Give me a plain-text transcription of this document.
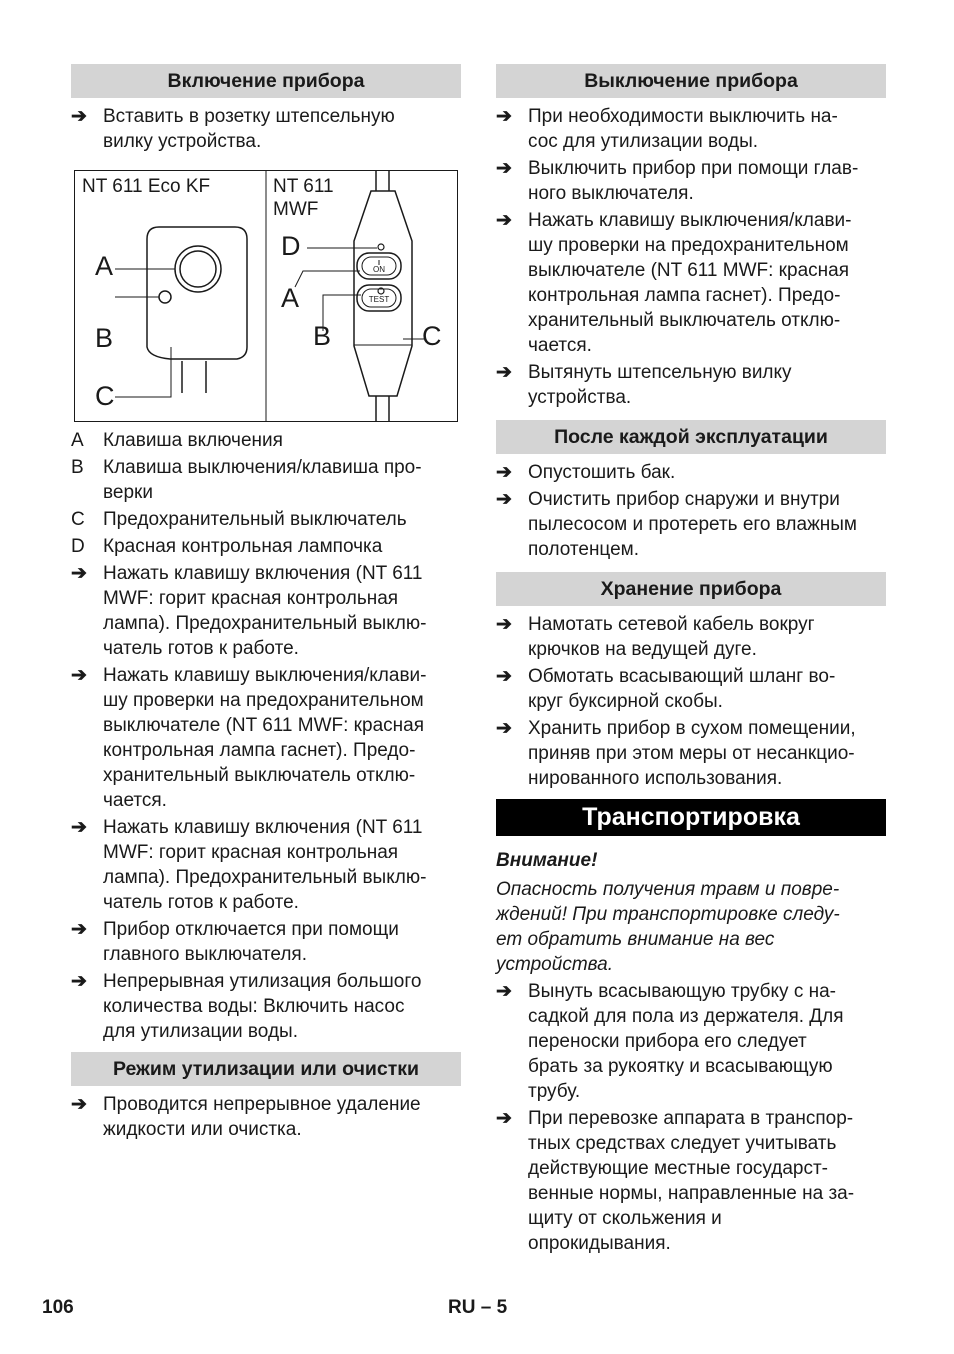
Включение прибора
➔ Вставить в розетку штепсельную
вилку устройства.
ON
TEST
NT 611 Eco KF	NT 611
MWF
A
B
C
D
A
B	C
A Клавиша включения
B Клавиша выключения/клавиша про-
верки
C Предохранительный выключатель
D Красная контрольная лампочка
➔ Нажать клавишу включения (NT 611
MWF: горит красная контрольная
лампа). Предохранительный выклю-
чатель готов к работе.
➔ Нажать клавишу выключения/клави-
шу проверки на предохранительном
выключателе (NT 611 MWF: красная
контрольная лампа гаснет). Предо-
хранительный выключатель отклю-
чается.
➔ Нажать клавишу включения (NT 611
MWF: горит красная контрольная
лампа). Предохранительный выклю-
чатель готов к работе.
➔ Прибор отключается при помощи
главного выключателя.
➔ Непрерывная утилизация большого
количества воды: Включить насос
для утилизации воды.
Режим утилизации или очистки
➔ Проводится непрерывное удаление
жидкости или очистка.
Выключение прибора
➔ При необходимости выключить на-
сос для утилизации воды.
➔ Выключить прибор при помощи глав-
ного выключателя.
➔ Нажать клавишу выключения/клави-
шу проверки на предохранительном
выключателе (NT 611 MWF: красная
контрольная лампа гаснет). Предо-
хранительный выключатель отклю-
чается.
➔ Вытянуть штепсельную вилку
устройства.
После каждой эксплуатации
➔ Опустошить бак.
➔ Очистить прибор снаружи и внутри
пылесосом и протереть его влажным
полотенцем.
Хранение прибора
➔ Намотать сетевой кабель вокруг
крючков на ведущей дуге.
➔ Обмотать всасывающий шланг во-
круг буксирной скобы.
➔ Хранить прибор в сухом помещении,
приняв при этом меры от несанкцио-
нированного использования.
Транспортировка
Внимание!
Опасность получения травм и повре-
ждений! При транспортировке следу-
ет обратить внимание на вес
устройства.
➔ Вынуть всасывающую трубку с на-
садкой для пола из держателя. Для
переноски прибора его следует
брать за рукоятку и всасывающую
трубу.
➔ При перевозке аппарата в транспор-
тных средствах следует учитывать
действующие местные государст-
венные нормы, направленные на за-
щиту от скольжения и
опрокидывания.
106	RU – 5
